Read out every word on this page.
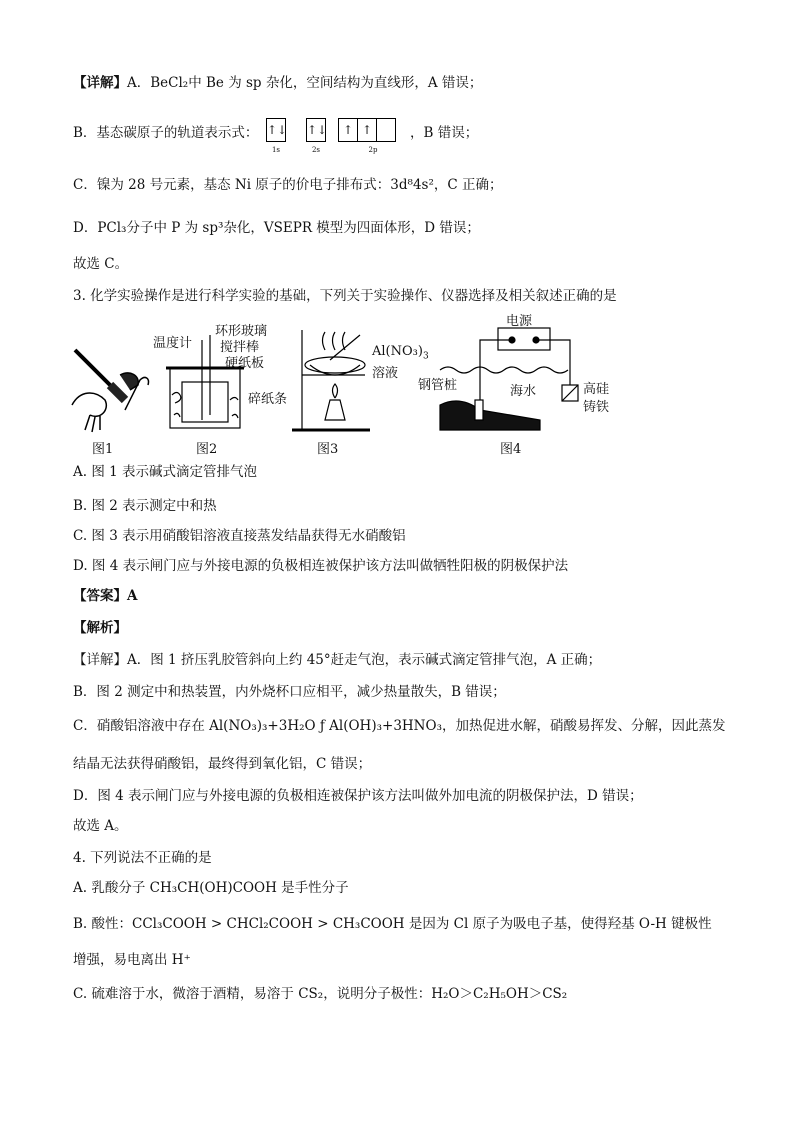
【详解】A．BeCl₂中 Be 为 sp 杂化，空间结构为直线形，A 错误；
B．基态碳原子的轨道表示式： ↑↓
1s
↑↓
2s
↑ ↑
2p
，B 错误；
C．镍为 28 号元素，基态 Ni 原子的价电子排布式：3d⁸4s²，C 正确；
D．PCl₃分子中 P 为 sp³杂化，VSEPR 模型为四面体形，D 错误；
故选 C。
3. 化学实验操作是进行科学实验的基础，下列关于实验操作、仪器选择及相关叙述正确的是
温度计
环形玻璃
搅拌棒
硬纸板
碎纸条
$Al(NO_3)_3$
溶液
电源
钢管桩	海水	高硅
铸铁
图1	图2	图3	图4
A. 图 1 表示碱式滴定管排气泡
B. 图 2 表示测定中和热
C. 图 3 表示用硝酸铝溶液直接蒸发结晶获得无水硝酸铝
D. 图 4 表示闸门应与外接电源的负极相连被保护该方法叫做牺牲阳极的阴极保护法
【答案】A
【解析】
【详解】A．图 1 挤压乳胶管斜向上约 45°赶走气泡，表示碱式滴定管排气泡，A 正确；
B．图 2 测定中和热装置，内外烧杯口应相平，减少热量散失，B 错误；
C．硝酸铝溶液中存在 Al(NO₃)₃+3H₂O ƒ Al(OH)₃+3HNO₃，加热促进水解，硝酸易挥发、分解，因此蒸发
结晶无法获得硝酸铝，最终得到氧化铝，C 错误；
D．图 4 表示闸门应与外接电源的负极相连被保护该方法叫做外加电流的阴极保护法，D 错误；
故选 A。
4. 下列说法不正确的是
A. 乳酸分子 CH₃CH(OH)COOH 是手性分子
B. 酸性：CCl₃COOH > CHCl₂COOH > CH₃COOH 是因为 Cl 原子为吸电子基，使得羟基 O-H 键极性
增强，易电离出 H⁺
C. 硫难溶于水，微溶于酒精，易溶于 CS₂，说明分子极性：H₂O＞C₂H₅OH＞CS₂
